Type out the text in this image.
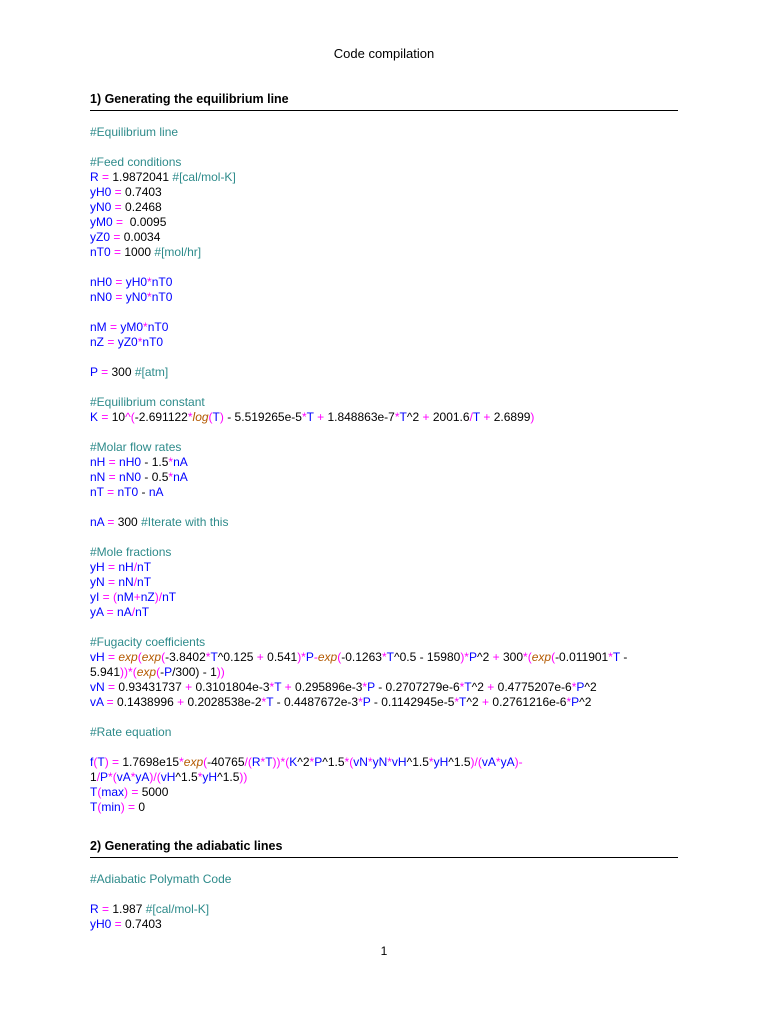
Code compilation
1) Generating the equilibrium line
#Equilibrium line
#Feed conditions
R = 1.9872041 #[cal/mol-K]
yH0 = 0.7403
yN0 = 0.2468
yM0 =  0.0095
yZ0 = 0.0034
nT0 = 1000 #[mol/hr]
nH0 = yH0*nT0
nN0 = yN0*nT0
nM = yM0*nT0
nZ = yZ0*nT0
P = 300 #[atm]
#Equilibrium constant
K = 10^(-2.691122*log(T) - 5.519265e-5*T + 1.848863e-7*T^2 + 2001.6/T + 2.6899)
#Molar flow rates
nH = nH0 - 1.5*nA
nN = nN0 - 0.5*nA
nT = nT0 - nA
nA = 300 #Iterate with this
#Mole fractions
yH = nH/nT
yN = nN/nT
yI = (nM+nZ)/nT
yA = nA/nT
#Fugacity coefficients
vH = exp(exp(-3.8402*T^0.125 + 0.541)*P-exp(-0.1263*T^0.5 - 15980)*P^2 + 300*(exp(-0.011901*T -
5.941))*(exp(-P/300) - 1))
vN = 0.93431737 + 0.3101804e-3*T + 0.295896e-3*P - 0.2707279e-6*T^2 + 0.4775207e-6*P^2
vA = 0.1438996 + 0.2028538e-2*T - 0.4487672e-3*P - 0.1142945e-5*T^2 + 0.2761216e-6*P^2
#Rate equation
f(T) = 1.7698e15*exp(-40765/(R*T))*(K^2*P^1.5*(vN*yN*vH^1.5*yH^1.5)/(vA*yA)-
1/P*(vA*yA)/(vH^1.5*yH^1.5))
T(max) = 5000
T(min) = 0
2) Generating the adiabatic lines
#Adiabatic Polymath Code
R = 1.987 #[cal/mol-K]
yH0 = 0.7403
1
